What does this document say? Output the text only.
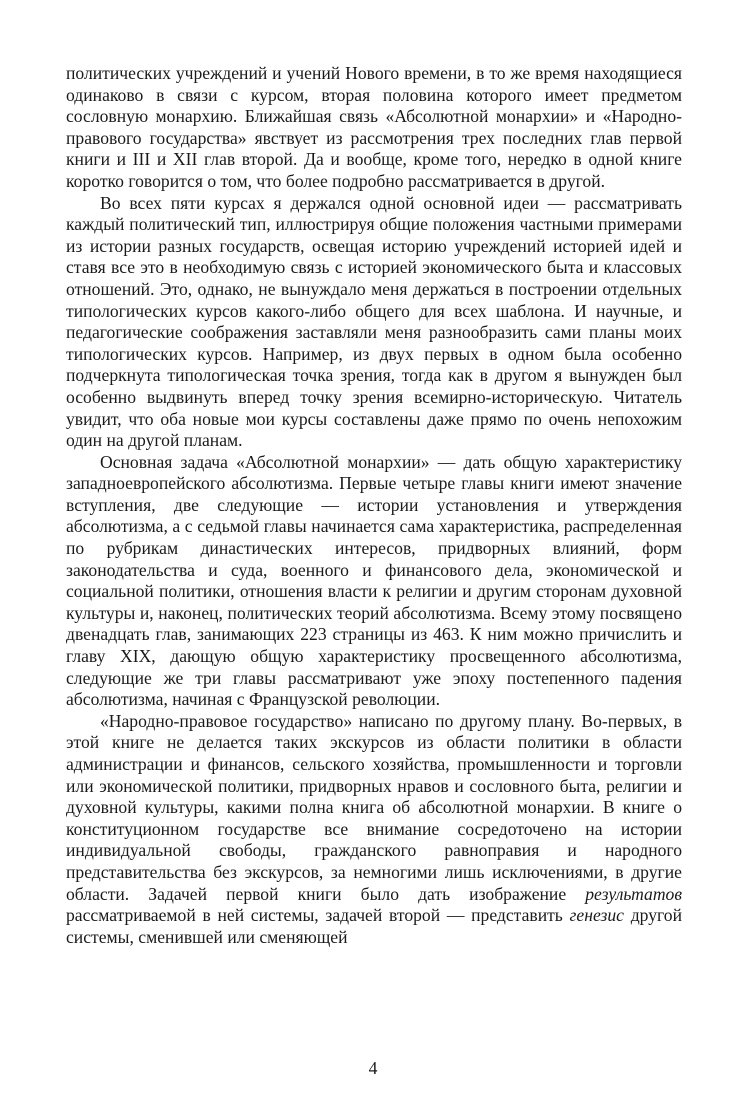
политических учреждений и учений Нового времени, в то же время находящиеся одинаково в связи с курсом, вторая половина которого имеет предметом сословную монархию. Ближайшая связь «Абсолютной монархии» и «Народно-правового государства» явствует из рассмотрения трех последних глав первой книги и III и XII глав второй. Да и вообще, кроме того, нередко в одной книге коротко говорится о том, что более подробно рассматривается в другой.

Во всех пяти курсах я держался одной основной идеи — рассматривать каждый политический тип, иллюстрируя общие положения частными примерами из истории разных государств, освещая историю учреждений историей идей и ставя все это в необходимую связь с историей экономического быта и классовых отношений. Это, однако, не вынуждало меня держаться в построении отдельных типологических курсов какого-либо общего для всех шаблона. И научные, и педагогические соображения заставляли меня разнообразить сами планы моих типологических курсов. Например, из двух первых в одном была особенно подчеркнута типологическая точка зрения, тогда как в другом я вынужден был особенно выдвинуть вперед точку зрения всемирно-историческую. Читатель увидит, что оба новые мои курсы составлены даже прямо по очень непохожим один на другой планам.

Основная задача «Абсолютной монархии» — дать общую характеристику западноевропейского абсолютизма. Первые четыре главы книги имеют значение вступления, две следующие — истории установления и утверждения абсолютизма, а с седьмой главы начинается сама характеристика, распределенная по рубрикам династических интересов, придворных влияний, форм законодательства и суда, военного и финансового дела, экономической и социальной политики, отношения власти к религии и другим сторонам духовной культуры и, наконец, политических теорий абсолютизма. Всему этому посвящено двенадцать глав, занимающих 223 страницы из 463. К ним можно причислить и главу XIX, дающую общую характеристику просвещенного абсолютизма, следующие же три главы рассматривают уже эпоху постепенного падения абсолютизма, начиная с Французской революции.

«Народно-правовое государство» написано по другому плану. Во-первых, в этой книге не делается таких экскурсов из области политики в области администрации и финансов, сельского хозяйства, промышленности и торговли или экономической политики, придворных нравов и сословного быта, религии и духовной культуры, какими полна книга об абсолютной монархии. В книге о конституционном государстве все внимание сосредоточено на истории индивидуальной свободы, гражданского равноправия и народного представительства без экскурсов, за немногими лишь исключениями, в другие области. Задачей первой книги было дать изображение результатов рассматриваемой в ней системы, задачей второй — представить генезис другой системы, сменившей или сменяющей

4
